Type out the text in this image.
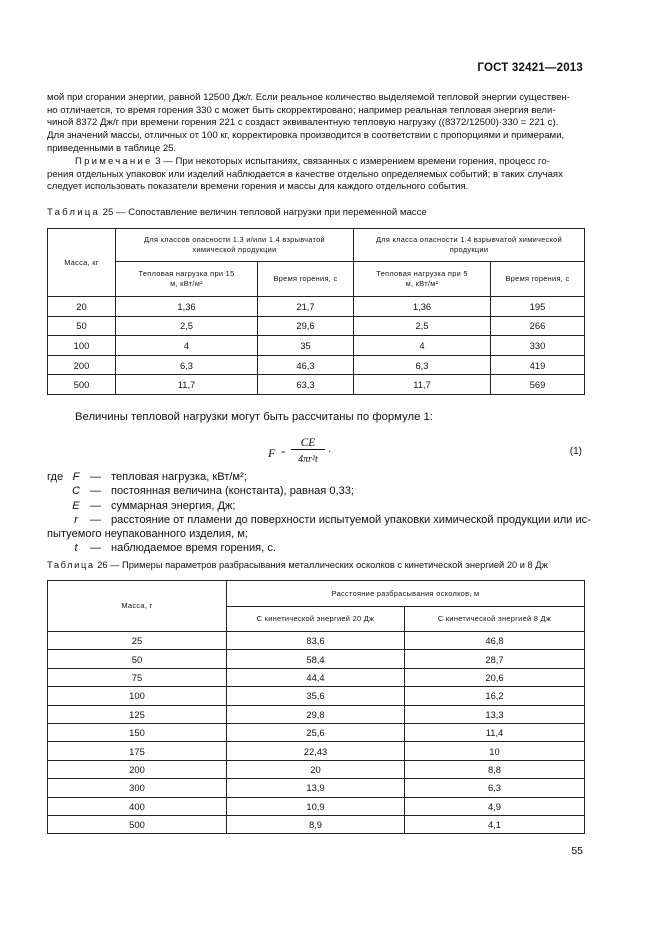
ГОСТ 32421—2013

мой при сгорании энергии, равной 12500 Дж/г. Если реальное количество выделяемой тепловой энергии существен-

но отличается, то время горения 330 с может быть скорректировано; например реальная тепловая энергия вели-

чиной 8372 Дж/г при времени горения 221 с создаст эквивалентную тепловую нагрузку ((8372/12500)·330 = 221 с).

Для значений массы, отличных от 100 кг, корректировка производится в соответствии с пропорциями и примерами,

приведенными в таблице 25.

Примечание 3 — При некоторых испытаниях, связанных с измерением времени горения, процесс го-

рения отдельных упаковок или изделий наблюдается в качестве отдельно определяемых событий; в таких случаях

следует использовать показатели времени горения и массы для каждого отдельного события.

Таблица 25 — Сопоставление величин тепловой нагрузки при переменной массе
Масса, кг	Для классов опасности 1.3 и/или 1.4 взрывчатой химической продукции		Для класса опасности 1.4 взрывчатой химической продукции	
	Тепловая нагрузка при 15 м, кВт/м²	Время горения, с	Тепловая нагрузка при 5 м, кВт/м²	Время горения, с
20	1,36	21,7	1,36	195
50	2,5	29,6	2,5	266
100	4	35	4	330
200	6,3	46,3	6,3	419
500	11,7	63,3	11,7	569
Величины тепловой нагрузки могут быть рассчитаны по формуле 1:
F =
CE
4πr²t
·	(1)
где F — тепловая нагрузка, кВт/м²;
C — постоянная величина (константа), равная 0,33;
E — суммарная энергия, Дж;
r	— расстояние от пламени до поверхности испытуемой упаковки химической продукции или ис-
пытуемого неупакованного изделия, м;
t	— наблюдаемое время горения, с.
Таблица 26 — Примеры параметров разбрасывания металлических осколков с кинетической энергией 20 и 8 Дж
Масса, г	Расстояние разбрасывания осколков, м	
	С кинетической энергией 20 Дж	С кинетической энергией 8 Дж
25	83,6	46,8
50	58,4	28,7
75	44,4	20,6
100	35,6	16,2
125	29,8	13,3
150	25,6	11,4
175	22,43	10
200	20	8,8
300	13,9	6,3
400	10,9	4,9
500	8,9	4,1
55
